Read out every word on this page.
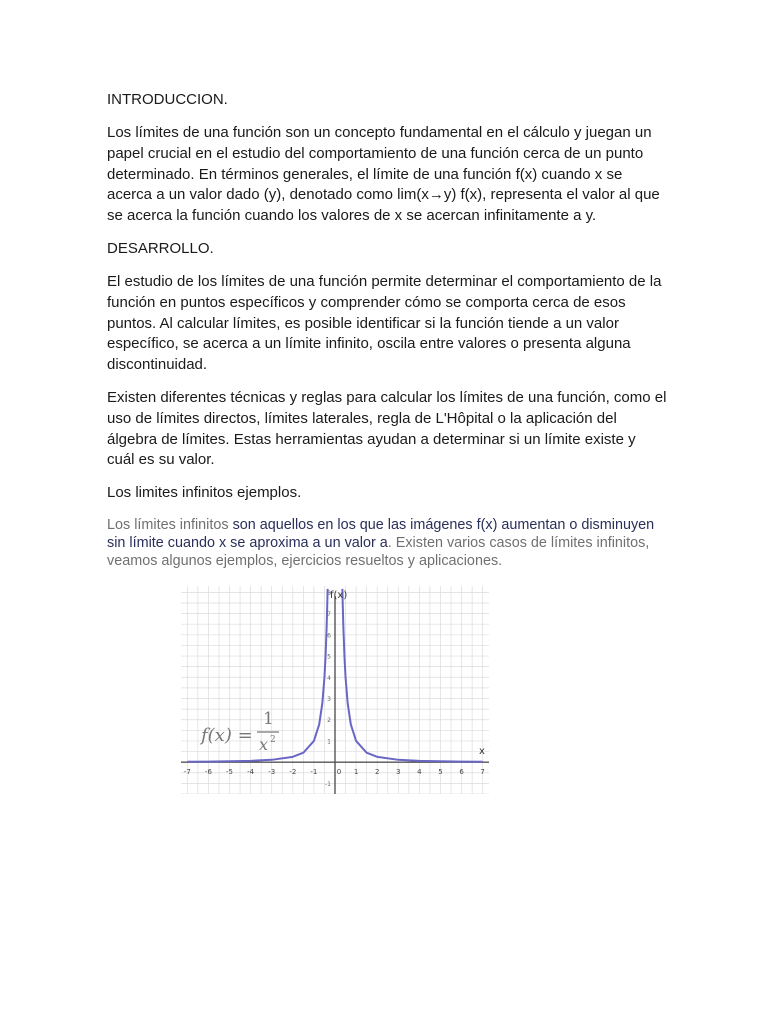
INTRODUCCION.

Los límites de una función son un concepto fundamental en el cálculo y juegan un papel crucial en el estudio del comportamiento de una función cerca de un punto determinado. En términos generales, el límite de una función f(x) cuando x se acerca a un valor dado (y), denotado como lim(x→y) f(x), representa el valor al que se acerca la función cuando los valores de x se acercan infinitamente a y.

DESARROLLO.

El estudio de los límites de una función permite determinar el comportamiento de la función en puntos específicos y comprender cómo se comporta cerca de esos puntos. Al calcular límites, es posible identificar si la función tiende a un valor específico, se acerca a un límite infinito, oscila entre valores o presenta alguna discontinuidad.

Existen diferentes técnicas y reglas para calcular los límites de una función, como el uso de límites directos, límites laterales, regla de L'Hôpital o la aplicación del álgebra de límites. Estas herramientas ayudan a determinar si un límite existe y cuál es su valor.

Los limites infinitos ejemplos.

Los límites infinitos son aquellos en los que las imágenes f(x) aumentan o disminuyen sin límite cuando x se aproxima a un valor a. Existen varios casos de límites infinitos, veamos algunos ejemplos, ejercicios resueltos y aplicaciones.

-7 -6 -5 -4 -3 -2 -1	0 1 2 3 4 5 6 7
-1
1
2
3
4
5
6
7
8 f(x)
x
f(x) =
1
x 2
